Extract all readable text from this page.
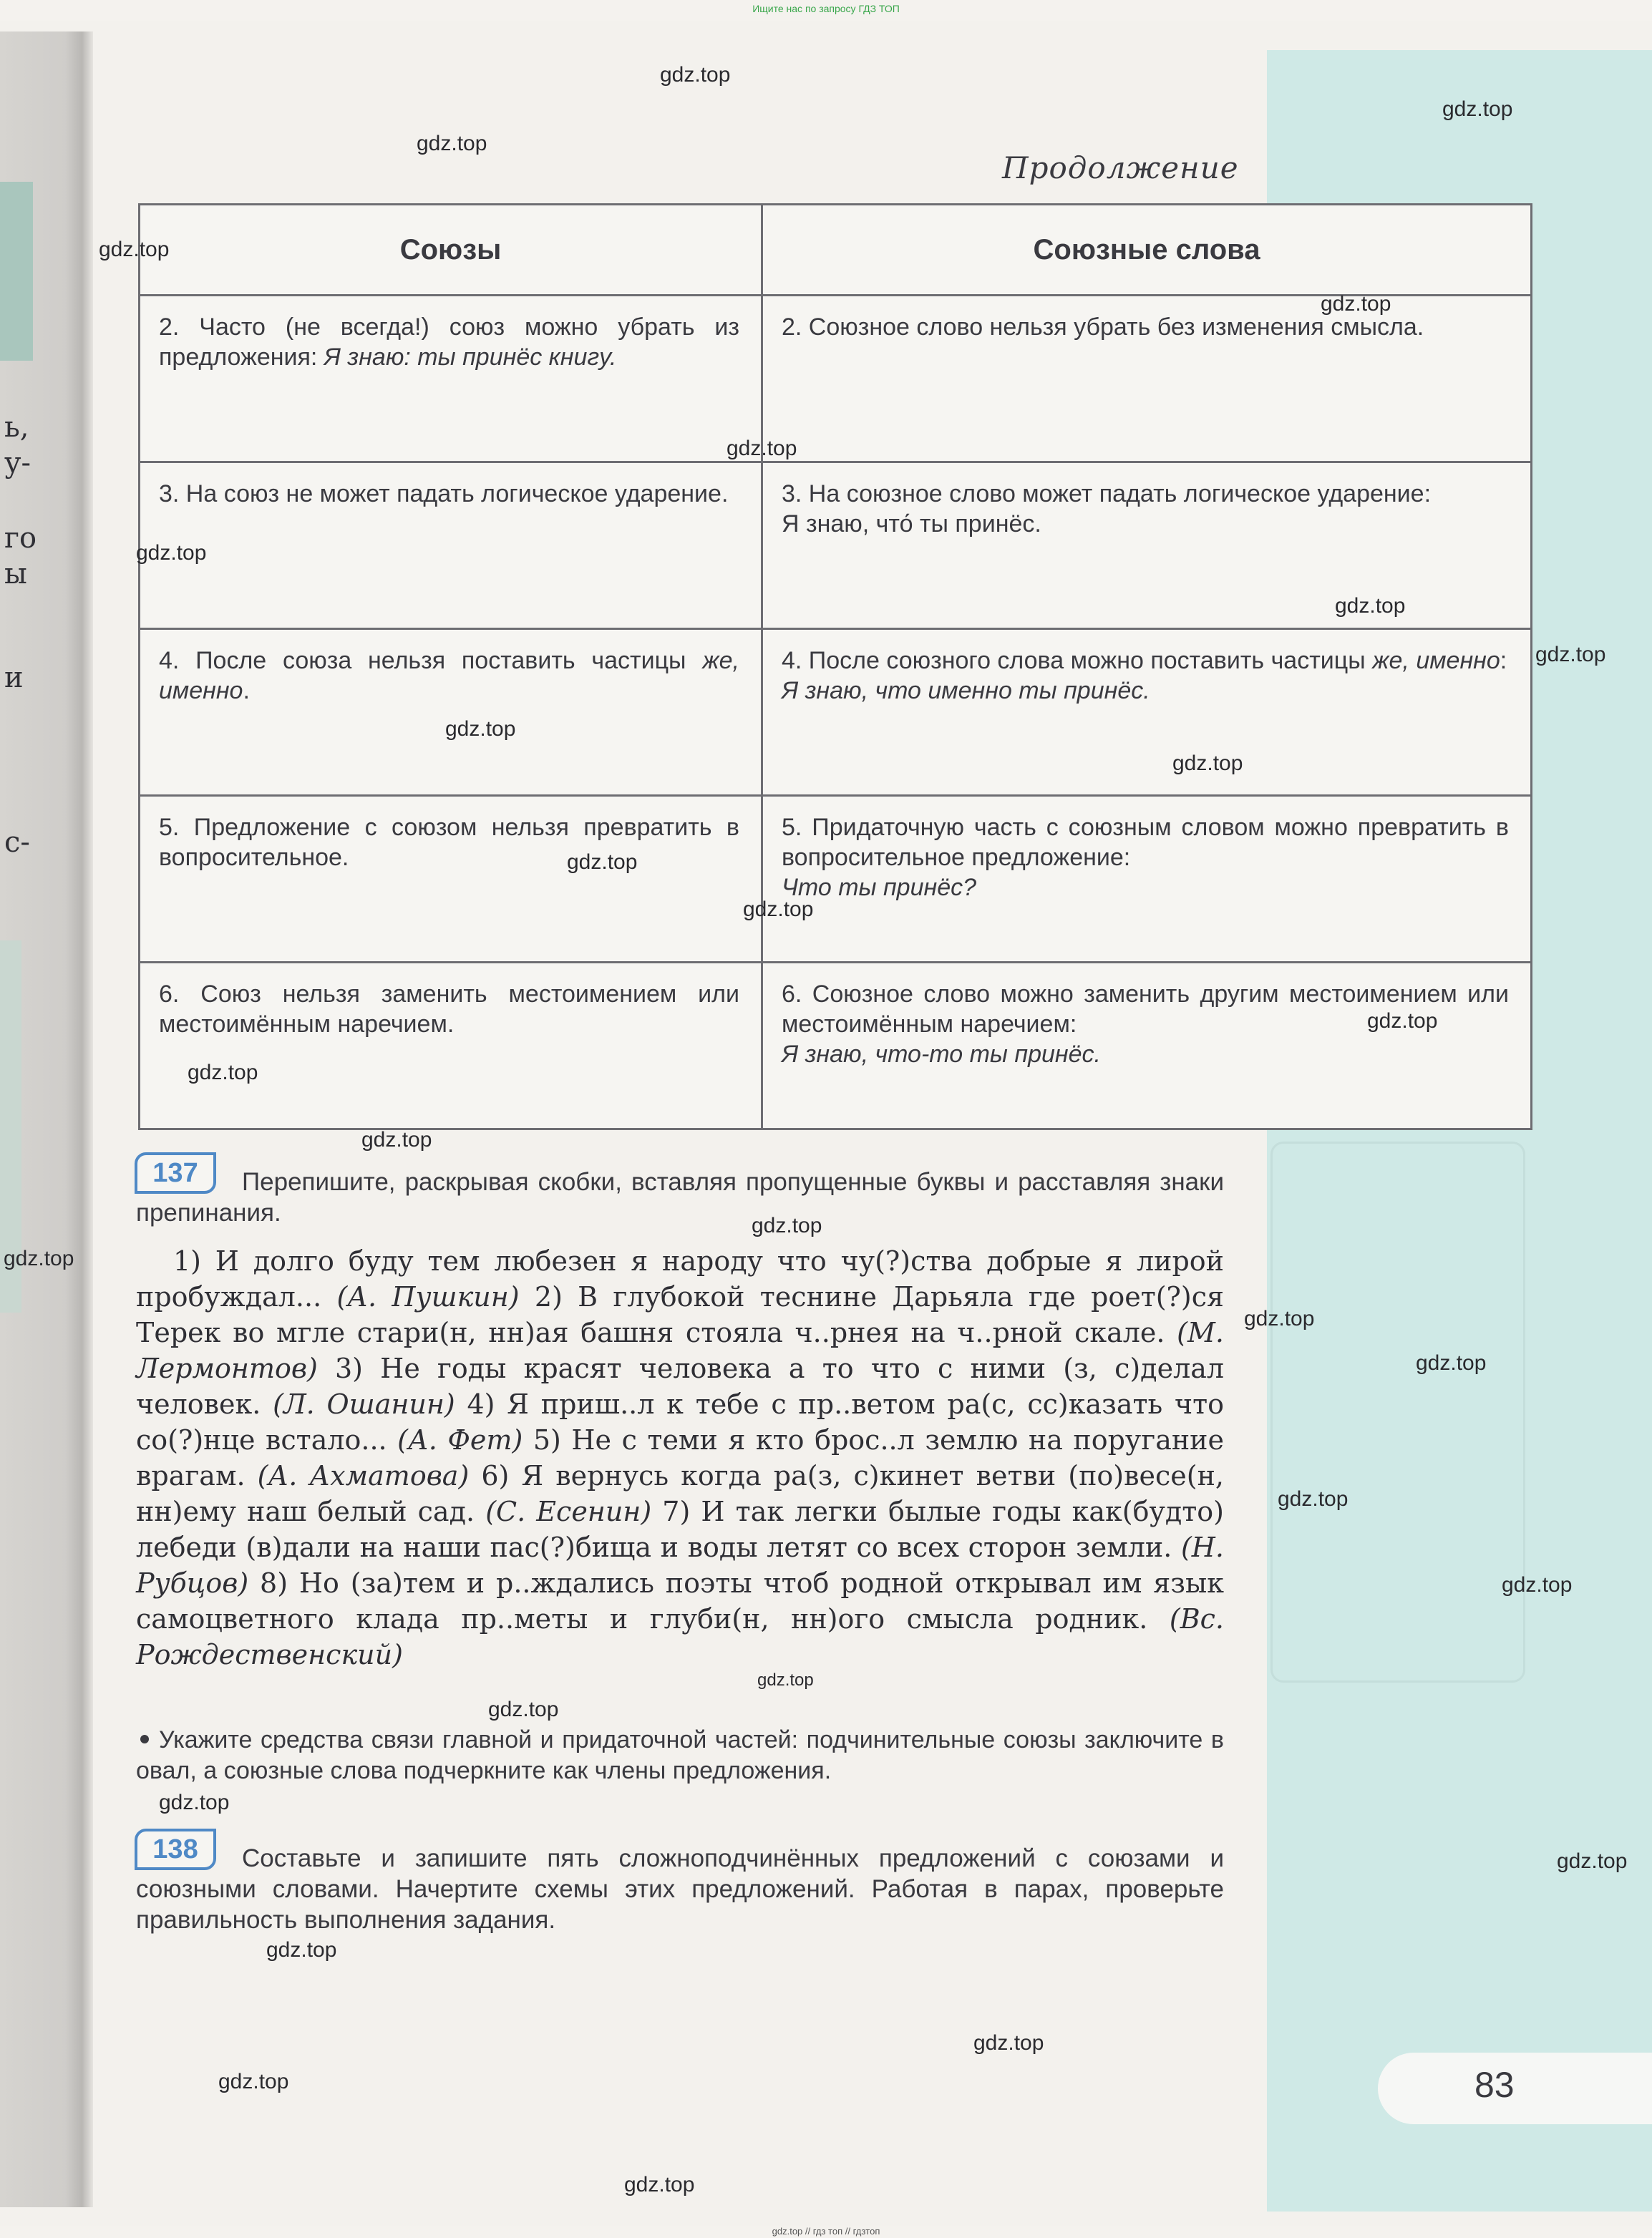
Ищите нас по запросу ГДЗ ТОП
ь,
у-
го
ы
и
с-
Продолжение
Союзы	Союзные слова
2. Часто (не всегда!) союз можно убрать из предложения: Я знаю: ты принёс книгу.	2. Союзное слово нельзя убрать без изменения смысла.
3. На союз не может падать логическое ударение.	3. На союзное слово может падать логическое ударение:
Я знаю, что́ ты принёс.
4. После союза нельзя поставить частицы же, именно.	4. После союзного слова можно поставить частицы же, именно:
Я знаю, что именно ты принёс.
5. Предложение с союзом нельзя превратить в вопросительное.	5. Придаточную часть с союзным словом можно превратить в вопросительное предложение:
Что ты принёс?
6. Союз нельзя заменить местоимением или местоимённым наречием.	6. Союзное слово можно заменить другим местоимением или местоимённым наречием:
Я знаю, что-то ты принёс.
137	Перепишите, раскрывая скобки, вставляя пропущенные буквы и расставляя знаки препинания.
1) И долго буду тем любезен я народу что чу(?)ства добрые я лирой пробуждал... (А. Пушкин) 2) В глубокой теснине Дарьяла где роет(?)ся Терек во мгле стари(н, нн)ая башня стояла ч..рнея на ч..рной скале. (М. Лермонтов) 3) Не годы красят человека а то что с ними (з, с)делал человек. (Л. Ошанин) 4) Я приш..л к тебе с пр..ветом ра(с, сс)казать что со(?)нце встало... (А. Фет) 5) Не с теми я кто брос..л землю на поругание врагам. (А. Ахматова) 6) Я вернусь когда ра(з, с)кинет ветви (по)весе(н, нн)ему наш белый сад. (С. Есенин) 7) И так легки былые годы как(будто) лебеди (в)дали на наши пас(?)бища и воды летят со всех сторон земли. (Н. Рубцов) 8) Но (за)тем и р..ждались поэты чтоб родной открывал им язык самоцветного клада пр..меты и глуби(н, нн)ого смысла родник. (Вс. Рождественский)
Укажите средства связи главной и придаточной частей: подчинительные союзы заключите в овал, а союзные слова подчеркните как члены предложения.
138	Составьте и запишите пять сложноподчинённых предложений с союзами и союзными словами. Начертите схемы этих предложений. Работая в парах, проверьте правильность выполнения задания.
83
gdz.top
gdz.top
gdz.top
gdz.top
gdz.top
gdz.top
gdz.top
gdz.top
gdz.top
gdz.top
gdz.top
gdz.top
gdz.top
gdz.top
gdz.top
gdz.top
gdz.top
gdz.top
gdz.top
gdz.top
gdz.top
gdz.top
gdz.top
gdz.top
gdz.top
gdz.top
gdz.top
gdz.top
gdz.top
gdz.top
gdz.top // гдз топ // гдзтоп
